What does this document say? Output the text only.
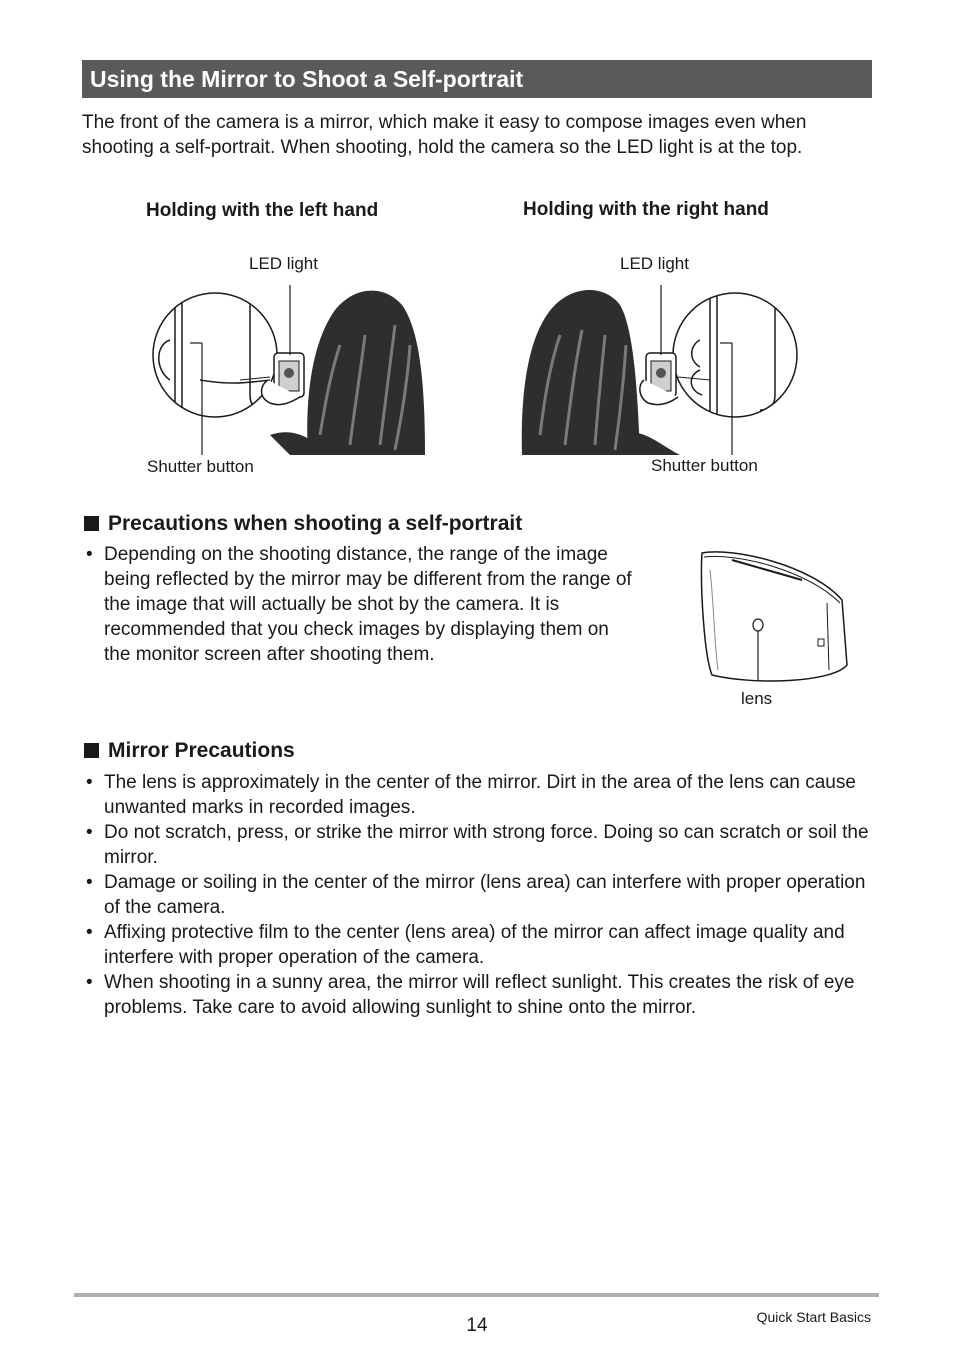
Using the Mirror to Shoot a Self-portrait
The front of the camera is a mirror, which make it easy to compose images even when shooting a self-portrait. When shooting, hold the camera so the LED light is at the top.
Holding with the left hand	Holding with the right hand
LED light	LED light
Shutter button	Shutter button
Precautions when shooting a self-portrait
• Depending on the shooting distance, the range of the image being reflected by the mirror may be different from the range of the image that will actually be shot by the camera. It is recommended that you check images by displaying them on the monitor screen after shooting them.
lens
Mirror Precautions
• The lens is approximately in the center of the mirror. Dirt in the area of the lens can cause unwanted marks in recorded images.
• Do not scratch, press, or strike the mirror with strong force. Doing so can scratch or soil the mirror.
• Damage or soiling in the center of the mirror (lens area) can interfere with proper operation of the camera.
• Affixing protective film to the center (lens area) of the mirror can affect image quality and interfere with proper operation of the camera.
• When shooting in a sunny area, the mirror will reflect sunlight. This creates the risk of eye problems. Take care to avoid allowing sunlight to shine onto the mirror.
14	Quick Start Basics
